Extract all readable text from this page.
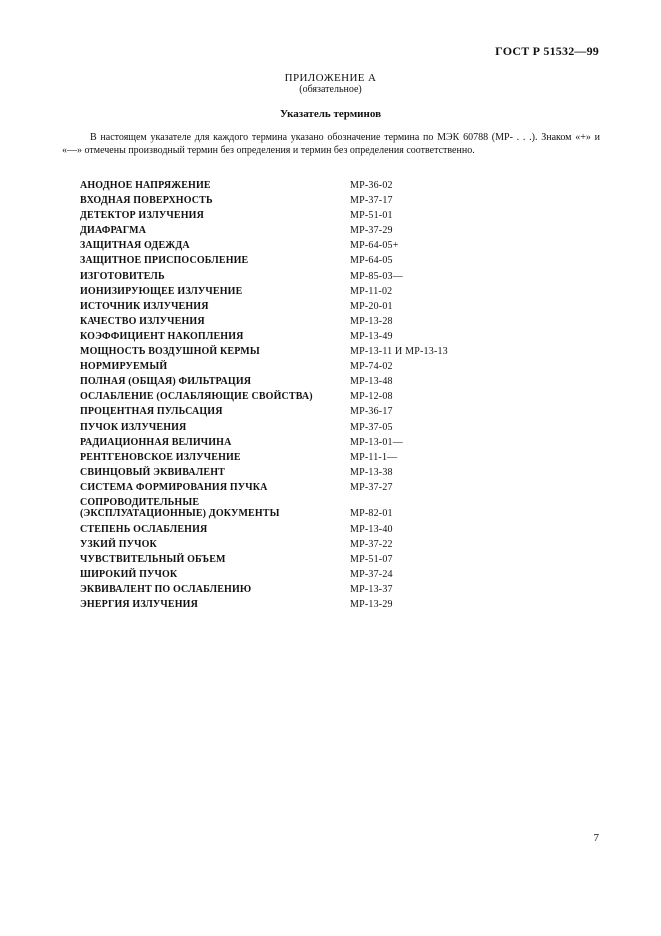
ГОСТ Р 51532—99
ПРИЛОЖЕНИЕ А
(обязательное)
Указатель терминов
В настоящем указателе для каждого термина указано обозначение термина по МЭК 60788 (МР- . . .). Знаком «+» и «—» отмечены производный термин без определения и термин без определения соответственно.
АНОДНОЕ НАПРЯЖЕНИЕ	МР-36-02
ВХОДНАЯ ПОВЕРХНОСТЬ	МР-37-17
ДЕТЕКТОР ИЗЛУЧЕНИЯ	МР-51-01
ДИАФРАГМА	МР-37-29
ЗАЩИТНАЯ ОДЕЖДА	МР-64-05+
ЗАЩИТНОЕ ПРИСПОСОБЛЕНИЕ	МР-64-05
ИЗГОТОВИТЕЛЬ	МР-85-03—
ИОНИЗИРУЮЩЕЕ ИЗЛУЧЕНИЕ	МР-11-02
ИСТОЧНИК ИЗЛУЧЕНИЯ	МР-20-01
КАЧЕСТВО ИЗЛУЧЕНИЯ	МР-13-28
КОЭФФИЦИЕНТ НАКОПЛЕНИЯ	МР-13-49
МОЩНОСТЬ ВОЗДУШНОЙ КЕРМЫ	МР-13-11 И МР-13-13
НОРМИРУЕМЫЙ	МР-74-02
ПОЛНАЯ (ОБЩАЯ) ФИЛЬТРАЦИЯ	МР-13-48
ОСЛАБЛЕНИЕ (ОСЛАБЛЯЮЩИЕ СВОЙСТВА)	МР-12-08
ПРОЦЕНТНАЯ ПУЛЬСАЦИЯ	МР-36-17
ПУЧОК ИЗЛУЧЕНИЯ	МР-37-05
РАДИАЦИОННАЯ ВЕЛИЧИНА	МР-13-01—
РЕНТГЕНОВСКОЕ ИЗЛУЧЕНИЕ	МР-11-1—
СВИНЦОВЫЙ ЭКВИВАЛЕНТ	МР-13-38
СИСТЕМА ФОРМИРОВАНИЯ ПУЧКА	МР-37-27
СОПРОВОДИТЕЛЬНЫЕ
(ЭКСПЛУАТАЦИОННЫЕ) ДОКУМЕНТЫ	МР-82-01
СТЕПЕНЬ ОСЛАБЛЕНИЯ	МР-13-40
УЗКИЙ ПУЧОК	МР-37-22
ЧУВСТВИТЕЛЬНЫЙ ОБЪЕМ	МР-51-07
ШИРОКИЙ ПУЧОК	МР-37-24
ЭКВИВАЛЕНТ ПО ОСЛАБЛЕНИЮ	МР-13-37
ЭНЕРГИЯ ИЗЛУЧЕНИЯ	МР-13-29
7
